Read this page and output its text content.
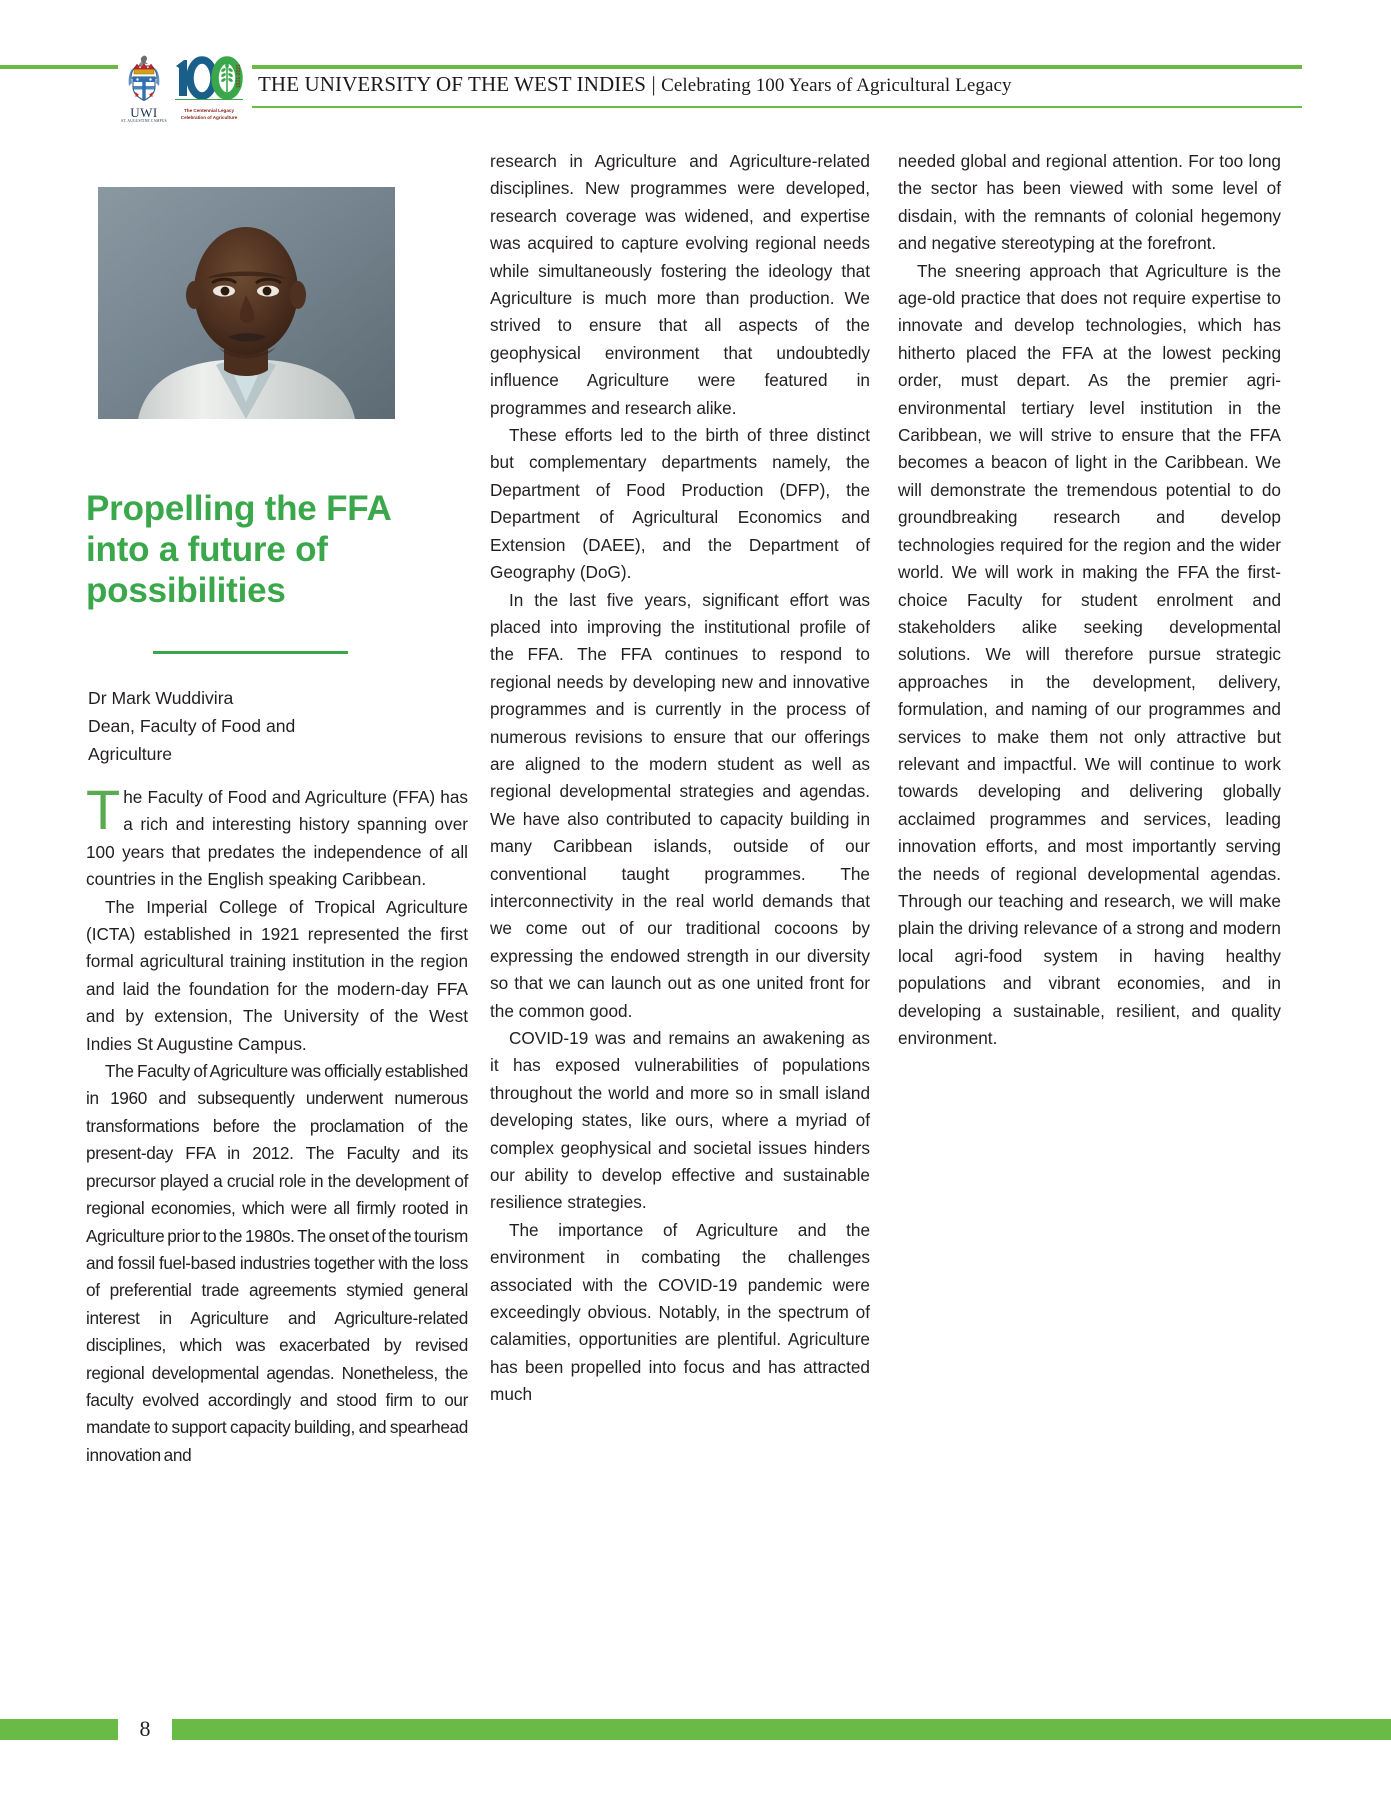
UWI
ST. AUGUSTINE CAMPUS
1921-2021
The Centennial Legacy
Celebration of Agriculture
THE UNIVERSITY OF THE WEST INDIES | Celebrating 100 Years of Agricultural Legacy
Propelling the FFA
into a future of
possibilities
Dr Mark Wuddivira
Dean, Faculty of Food and
Agriculture

The Faculty of Food and Agriculture (FFA) has a rich and interesting history spanning over 100 years that predates the independence of all countries in the English speaking Caribbean.

The Imperial College of Tropical Agriculture (ICTA) established in 1921 represented the first formal agricultural training institution in the region and laid the foundation for the modern-day FFA and by extension, The University of the West Indies St Augustine Campus.

The Faculty of Agriculture was officially established in 1960 and subsequently underwent numerous transformations before the proclamation of the present-day FFA in 2012. The Faculty and its precursor played a crucial role in the development of regional economies, which were all firmly rooted in Agriculture prior to the 1980s. The onset of the tourism and fossil fuel-based industries together with the loss of preferential trade agreements stymied general interest in Agriculture and Agriculture-related disciplines, which was exacerbated by revised regional developmental agendas. Nonetheless, the faculty evolved accordingly and stood firm to our mandate to support capacity building, and spearhead innovation and

research in Agriculture and Agriculture-related disciplines. New programmes were developed, research coverage was widened, and expertise was acquired to capture evolving regional needs while simultaneously fostering the ideology that Agriculture is much more than production. We strived to ensure that all aspects of the geophysical environment that undoubtedly influence Agriculture were featured in programmes and research alike.

These efforts led to the birth of three distinct but complementary departments namely, the Department of Food Production (DFP), the Department of Agricultural Economics and Extension (DAEE), and the Department of Geography (DoG).

In the last five years, significant effort was placed into improving the institutional profile of the FFA. The FFA continues to respond to regional needs by developing new and innovative programmes and is currently in the process of numerous revisions to ensure that our offerings are aligned to the modern student as well as regional developmental strategies and agendas. We have also contributed to capacity building in many Caribbean islands, outside of our conventional taught programmes. The interconnectivity in the real world demands that we come out of our traditional cocoons by expressing the endowed strength in our diversity so that we can launch out as one united front for the common good.

COVID-19 was and remains an awakening as it has exposed vulnerabilities of populations throughout the world and more so in small island developing states, like ours, where a myriad of complex geophysical and societal issues hinders our ability to develop effective and sustainable resilience strategies.

The importance of Agriculture and the environment in combating the challenges associated with the COVID-19 pandemic were exceedingly obvious. Notably, in the spectrum of calamities, opportunities are plentiful. Agriculture has been propelled into focus and has attracted much

needed global and regional attention. For too long the sector has been viewed with some level of disdain, with the remnants of colonial hegemony and negative stereotyping at the forefront.

The sneering approach that Agriculture is the age-old practice that does not require expertise to innovate and develop technologies, which has hitherto placed the FFA at the lowest pecking order, must depart. As the premier agri-environmental tertiary level institution in the Caribbean, we will strive to ensure that the FFA becomes a beacon of light in the Caribbean. We will demonstrate the tremendous potential to do groundbreaking research and develop technologies required for the region and the wider world. We will work in making the FFA the first-choice Faculty for student enrolment and stakeholders alike seeking developmental solutions. We will therefore pursue strategic approaches in the development, delivery, formulation, and naming of our programmes and services to make them not only attractive but relevant and impactful. We will continue to work towards developing and delivering globally acclaimed programmes and services, leading innovation efforts, and most importantly serving the needs of regional developmental agendas. Through our teaching and research, we will make plain the driving relevance of a strong and modern local agri-food system in having healthy populations and vibrant economies, and in developing a sustainable, resilient, and quality environment.

8
